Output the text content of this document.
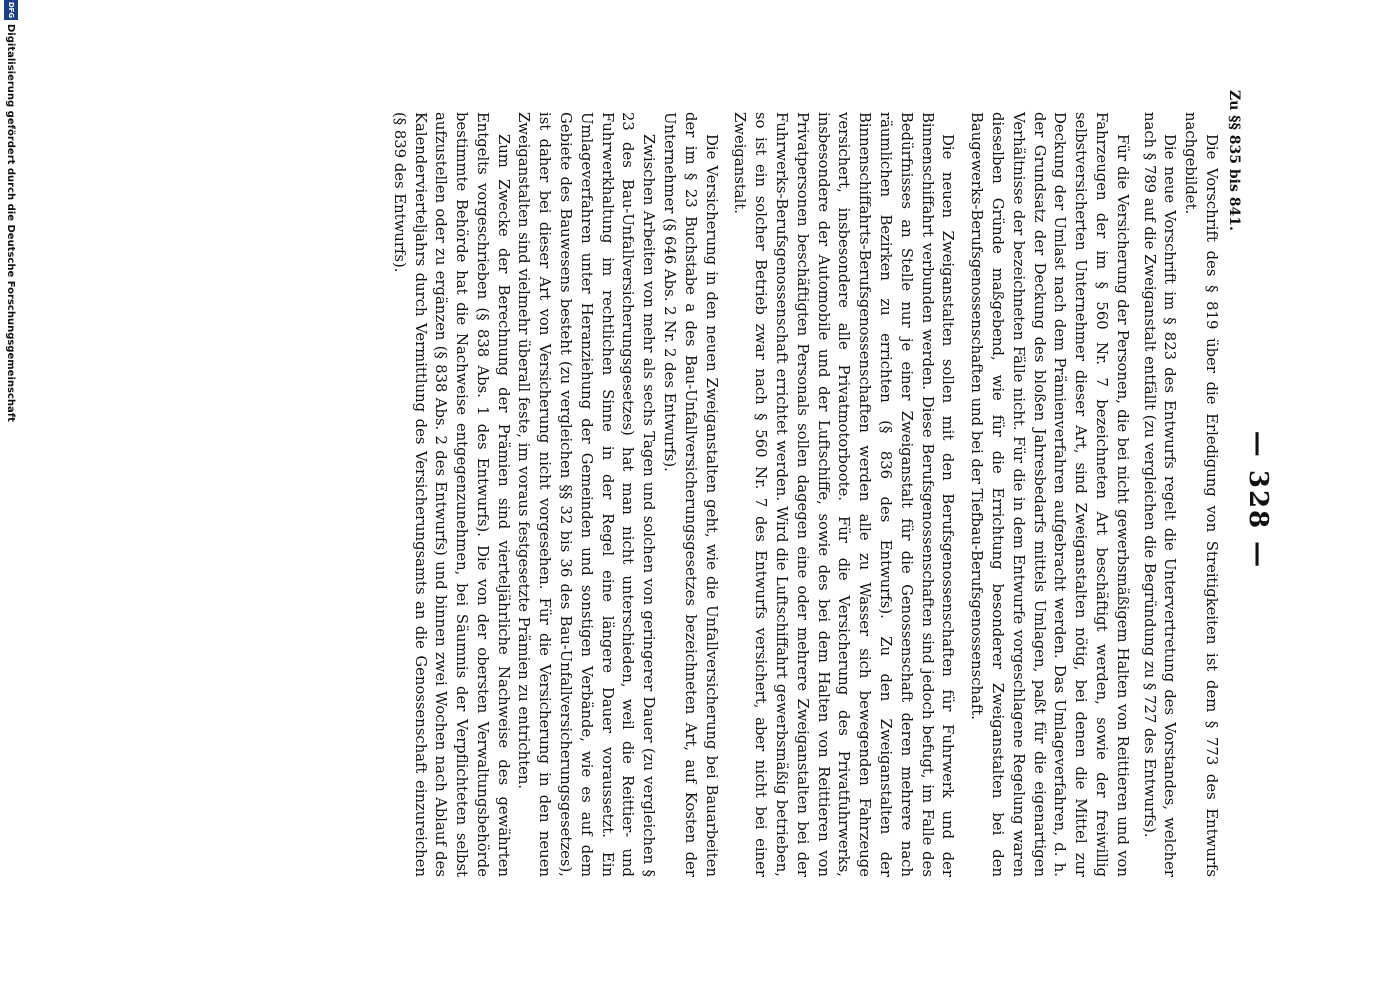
— 328 —
Zu §§ 835 bis 841.

Die Vorschrift des § 819 über die Erledigung von Streitigkeiten ist dem § 773 des Entwurfs nachgebildet.

Die neue Vorschrift im § 823 des Entwurfs regelt die Untervertretung des Vorstandes, welcher nach § 789 auf die Zweiganstalt entfällt (zu vergleichen die Begründung zu § 727 des Entwurfs).

Für die Versicherung der Personen, die bei nicht gewerbsmäßigem Halten von Reittieren und von Fahrzeugen der im § 560 Nr. 7 bezeichneten Art beschäftigt werden, sowie der freiwillig selbstversicherten Unternehmer dieser Art, sind Zweiganstalten nötig, bei denen die Mittel zur Deckung der Umlast nach dem Prämienverfahren aufgebracht werden. Das Umlageverfahren, d. h. der Grundsatz der Deckung des bloßen Jahresbedarfs mittels Umlagen, paßt für die eigenartigen Verhältnisse der bezeichneten Fälle nicht. Für die in dem Entwurfe vorgeschlagene Regelung waren dieselben Gründe maßgebend, wie für die Errichtung besonderer Zweiganstalten bei den Baugewerks-Berufsgenossenschaften und bei der Tiefbau-Berufsgenossenschaft.

Die neuen Zweiganstalten sollen mit den Berufsgenossenschaften für Fuhrwerk und der Binnenschiffahrt verbunden werden. Diese Berufsgenossenschaften sind jedoch befugt, im Falle des Bedürfnisses an Stelle nur je einer Zweiganstalt für die Genossenschaft deren mehrere nach räumlichen Bezirken zu errichten (§ 836 des Entwurfs). Zu den Zweiganstalten der Binnenschiffahrts-Berufsgenossenschaften werden alle zu Wasser sich bewegenden Fahrzeuge versichert, insbesondere alle Privatmotorboote. Für die Versicherung des Privatfuhrwerks, insbesondere der Automobile und der Luftschiffe, sowie des bei dem Halten von Reittieren von Privatpersonen beschäftigten Personals sollen dagegen eine oder mehrere Zweiganstalten bei der Fuhrwerks-Berufsgenossenschaft errichtet werden. Wird die Luftschiffahrt gewerbsmäßig betrieben, so ist ein solcher Betrieb zwar nach § 560 Nr. 7 des Entwurfs versichert, aber nicht bei einer Zweiganstalt.

Die Versicherung in den neuen Zweiganstalten geht, wie die Unfallversicherung bei Bauarbeiten der im § 23 Buchstabe a des Bau-Unfallversicherungsgesetzes bezeichneten Art, auf Kosten der Unternehmer (§ 646 Abs. 2 Nr. 2 des Entwurfs).

Zwischen Arbeiten von mehr als sechs Tagen und solchen von geringerer Dauer (zu vergleichen § 23 des Bau-Unfallversicherungsgesetzes) hat man nicht unterschieden, weil die Reittier- und Fuhrwerkhaltung im rechtlichen Sinne in der Regel eine längere Dauer voraussetzt. Ein Umlageverfahren unter Heranziehung der Gemeinden und sonstigen Verbände, wie es auf dem Gebiete des Bauwesens besteht (zu vergleichen §§ 32 bis 36 des Bau-Unfallversicherungsgesetzes), ist daher bei dieser Art von Versicherung nicht vorgesehen. Für die Versicherung in den neuen Zweiganstalten sind vielmehr überall feste, im voraus festgesetzte Prämien zu entrichten.

Zum Zwecke der Berechnung der Prämien sind vierteljährliche Nachweise des gewährten Entgelts vorgeschrieben (§ 838 Abs. 1 des Entwurfs). Die von der obersten Verwaltungsbehörde bestimmte Behörde hat die Nachweise entgegenzunehmen, bei Säumnis der Verpflichteten selbst aufzustellen oder zu ergänzen (§ 838 Abs. 2 des Entwurfs) und binnen zwei Wochen nach Ablauf des Kalendervierteljahrs durch Vermittlung des Versicherungsamts an die Genossenschaft einzureichen (§ 839 des Entwurfs).

DFG
Digitalisierung gefördert durch die Deutsche Forschungsgemeinschaft
